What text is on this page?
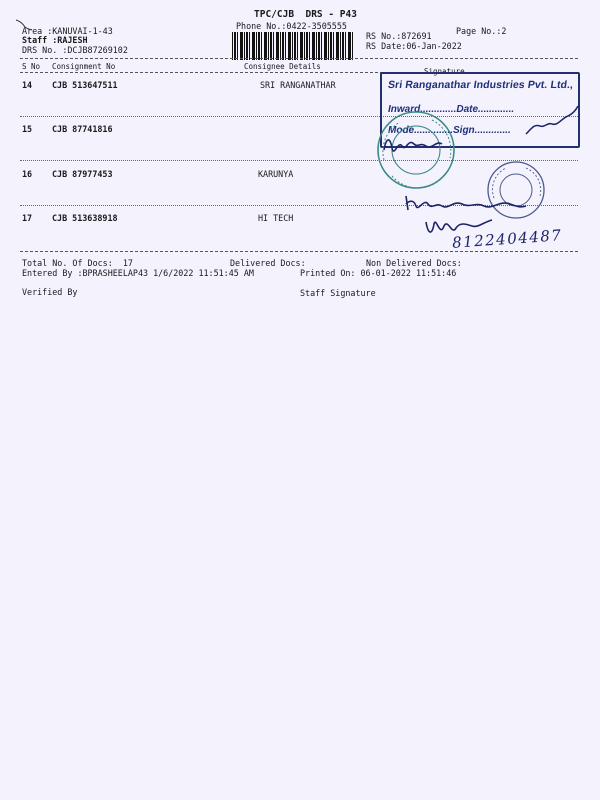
TPC/CJB  DRS - P43
Phone No.:0422-3505555
Area :KANUVAI-1-43
Staff :RAJESH
DRS No. :DCJB87269102
RS No.:872691
RS Date:06-Jan-2022
Page No.:2
S No Consignment No	Consignee Details
Signature
14 CJB 513647511	SRI RANGANATHAR
15 CJB 87741816
16 CJB 87977453	KARUNYA
17 CJB 513638918	HI TECH
Total No. Of Docs:  17	Delivered Docs:	Non Delivered Docs:
Entered By :BPRASHEELAP43 1/6/2022 11:51:45 AM	Printed On: 06-01-2022 11:51:46
Verified By	Staff Signature
Sri Ranganathar Industries Pvt. Ltd.,
Inward.............Date.............
Mode..............Sign.............
8122404487
